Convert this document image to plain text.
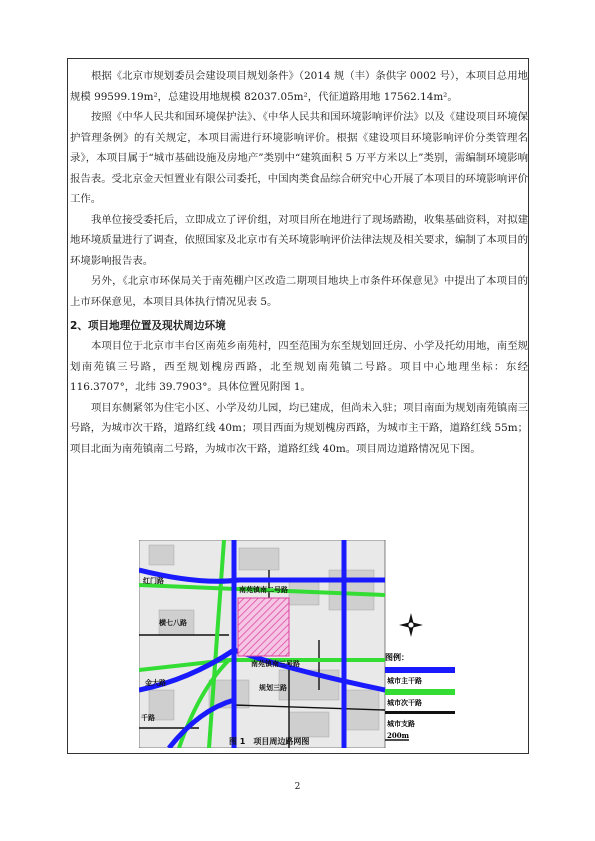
根据《北京市规划委员会建设项目规划条件》（2014 规（丰）条供字 0002 号），本项目总用地规模 99599.19m²，总建设用地规模 82037.05m²，代征道路用地 17562.14m²。

按照《中华人民共和国环境保护法》、《中华人民共和国环境影响评价法》以及《建设项目环境保护管理条例》的有关规定，本项目需进行环境影响评价。根据《建设项目环境影响评价分类管理名录》，本项目属于“城市基础设施及房地产”类别中“建筑面积 5 万平方米以上”类别，需编制环境影响报告表。受北京金天恒置业有限公司委托，中国肉类食品综合研究中心开展了本项目的环境影响评价工作。

我单位接受委托后，立即成立了评价组，对项目所在地进行了现场踏勘，收集基础资料，对拟建地环境质量进行了调查，依照国家及北京市有关环境影响评价法律法规及相关要求，编制了本项目的环境影响报告表。

另外，《北京市环保局关于南苑棚户区改造二期项目地块上市条件环保意见》中提出了本项目的上市环保意见，本项目具体执行情况见表 5。

2、项目地理位置及现状周边环境

本项目位于北京市丰台区南苑乡南苑村，四至范围为东至规划回迁房、小学及托幼用地，南至规划南苑镇三号路，西至规划槐房西路，北至规划南苑镇二号路。项目中心地理坐标：东经 116.3707°，北纬 39.7903°。具体位置见附图 1。

项目东侧紧邻为住宅小区、小学及幼儿园，均已建成，但尚未入驻；项目南面为规划南苑镇南三号路，为城市次干路，道路红线 40m；项目西面为规划槐房西路，为城市主干路，道路红线 55m；项目北面为南苑镇南二号路，为城市次干路，道路红线 40m。项目周边道路情况见下图。

红门路
南苑镇南二号路
南苑镇南三号路
横七八路
金大路
规划三路
千路
图 1　项目周边路网图
图例：
城市主干路
城市次干路
城市支路
200m
2
